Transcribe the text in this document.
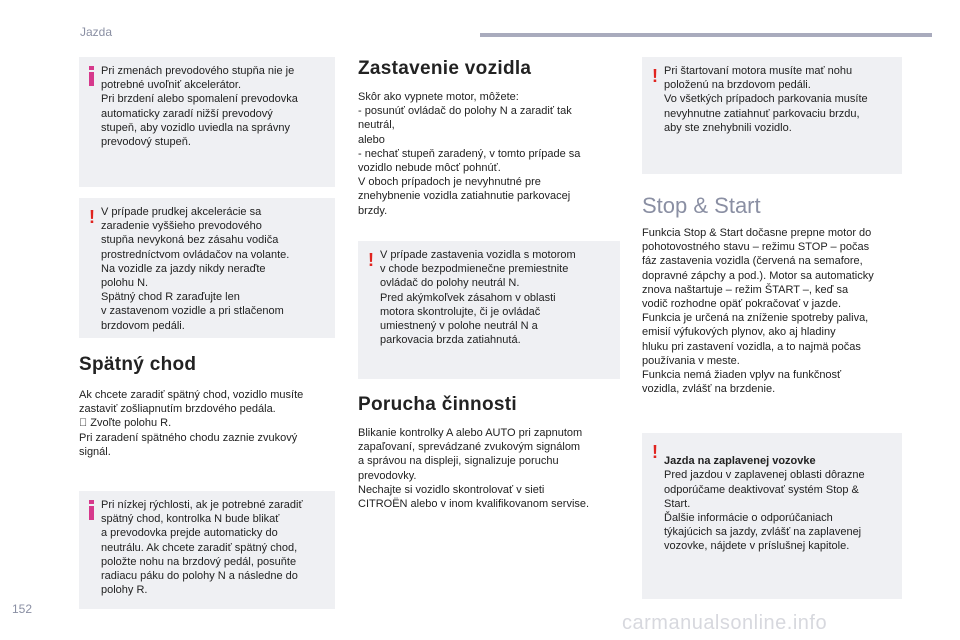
Jazda
Pri zmenách prevodového stupňa nie je
potrebné uvoľniť akcelerátor.
Pri brzdení alebo spomalení prevodovka
automaticky zaradí nižší prevodový
stupeň, aby vozidlo uviedla na správny
prevodový stupeň.
! V prípade prudkej akcelerácie sa
zaradenie vyššieho prevodového
stupňa nevykoná bez zásahu vodiča
prostredníctvom ovládačov na volante.
Na vozidle za jazdy nikdy neraďte
polohu N.
Spätný chod R zaraďujte len
v zastavenom vozidle a pri stlačenom
brzdovom pedáli.
Spätný chod
Ak chcete zaradiť spätný chod, vozidlo musíte
zastaviť zošliapnutím brzdového pedála.
Zvoľte polohu R.
Pri zaradení spätného chodu zaznie zvukový
signál.
Pri nízkej rýchlosti, ak je potrebné zaradiť
spätný chod, kontrolka N bude blikať
a prevodovka prejde automaticky do
neutrálu. Ak chcete zaradiť spätný chod,
položte nohu na brzdový pedál, posuňte
radiacu páku do polohy N a následne do
polohy R.
Zastavenie vozidla
Skôr ako vypnete motor, môžete:
- posunúť ovládač do polohy N a zaradiť tak
neutrál,
alebo
- nechať stupeň zaradený, v tomto prípade sa
vozidlo nebude môcť pohnúť.
V oboch prípadoch je nevyhnutné pre
znehybnenie vozidla zatiahnutie parkovacej
brzdy.
! V prípade zastavenia vozidla s motorom
v chode bezpodmienečne premiestnite
ovládač do polohy neutrál N.
Pred akýmkoľvek zásahom v oblasti
motora skontrolujte, či je ovládač
umiestnený v polohe neutrál N a
parkovacia brzda zatiahnutá.
Porucha činnosti
Blikanie kontrolky A alebo AUTO pri zapnutom
zapaľovaní, sprevádzané zvukovým signálom
a správou na displeji, signalizuje poruchu
prevodovky.
Nechajte si vozidlo skontrolovať v sieti
CITROËN alebo v inom kvalifikovanom servise.
! Pri štartovaní motora musíte mať nohu
položenú na brzdovom pedáli.
Vo všetkých prípadoch parkovania musíte
nevyhnutne zatiahnuť parkovaciu brzdu,
aby ste znehybnili vozidlo.
Stop & Start
Funkcia Stop & Start dočasne prepne motor do
pohotovostného stavu – režimu STOP – počas
fáz zastavenia vozidla (červená na semafore,
dopravné zápchy a pod.). Motor sa automaticky
znova naštartuje – režim ŠTART –, keď sa
vodič rozhodne opäť pokračovať v jazde.
Funkcia je určená na zníženie spotreby paliva,
emisií výfukových plynov, ako aj hladiny
hluku pri zastavení vozidla, a to najmä počas
používania v meste.
Funkcia nemá žiaden vplyv na funkčnosť
vozidla, zvlášť na brzdenie.
! Jazda na zaplavenej vozovke

Pred jazdou v zaplavenej oblasti dôrazne
odporúčame deaktivovať systém Stop &
Start.
Ďalšie informácie o odporúčaniach
týkajúcich sa jazdy, zvlášť na zaplavenej
vozovke, nájdete v príslušnej kapitole.

152
carmanualsonline.info
